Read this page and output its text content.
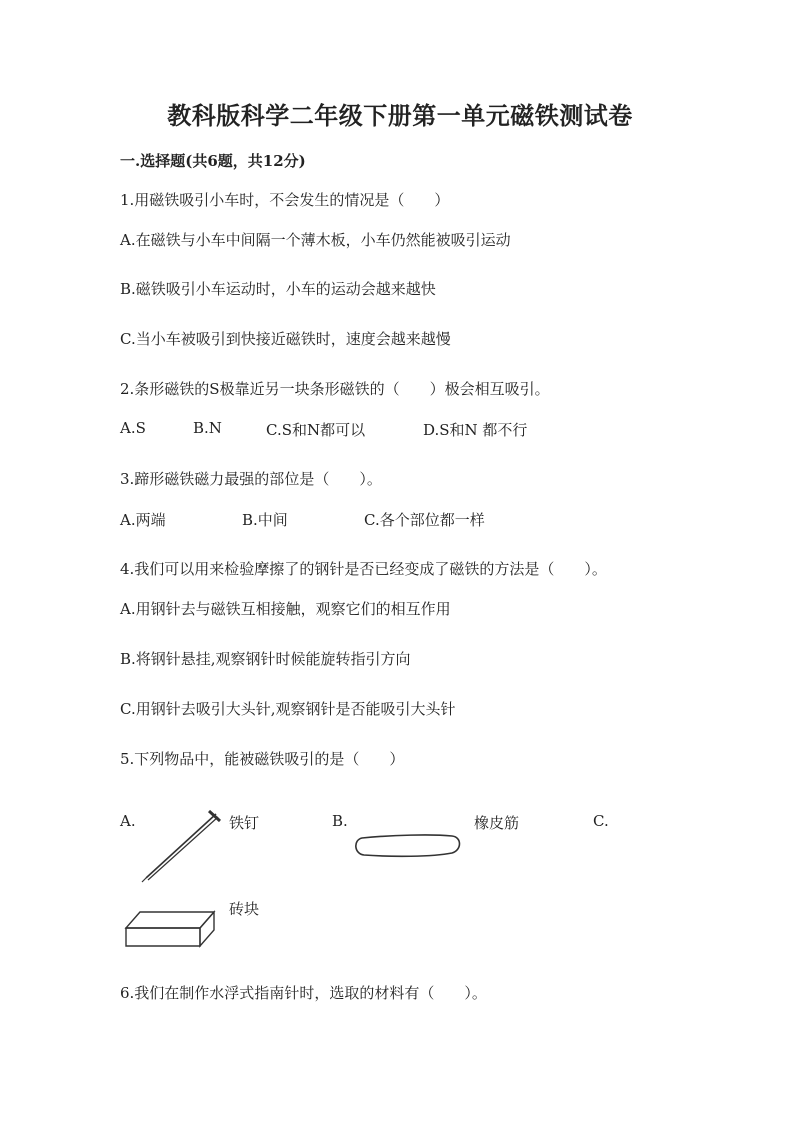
教科版科学二年级下册第一单元磁铁测试卷
一.选择题(共6题，共12分)
1.用磁铁吸引小车时，不会发生的情况是（　　）
A.在磁铁与小车中间隔一个薄木板，小车仍然能被吸引运动
B.磁铁吸引小车运动时，小车的运动会越来越快
C.当小车被吸引到快接近磁铁时，速度会越来越慢
2.条形磁铁的S极靠近另一块条形磁铁的（　　）极会相互吸引。
A.S	B.N	C.S和N都可以	D.S和N 都不行
3.蹄形磁铁磁力最强的部位是（　　）。
A.两端	B.中间	C.各个部位都一样
4.我们可以用来检验摩擦了的钢针是否已经变成了磁铁的方法是（　　）。
A.用钢针去与磁铁互相接触，观察它们的相互作用
B.将钢针悬挂,观察钢针时候能旋转指引方向
C.用钢针去吸引大头针,观察钢针是否能吸引大头针
5.下列物品中，能被磁铁吸引的是（　　）
A.	铁钉	B.	橡皮筋	C.
砖块
6.我们在制作水浮式指南针时，选取的材料有（　　）。
